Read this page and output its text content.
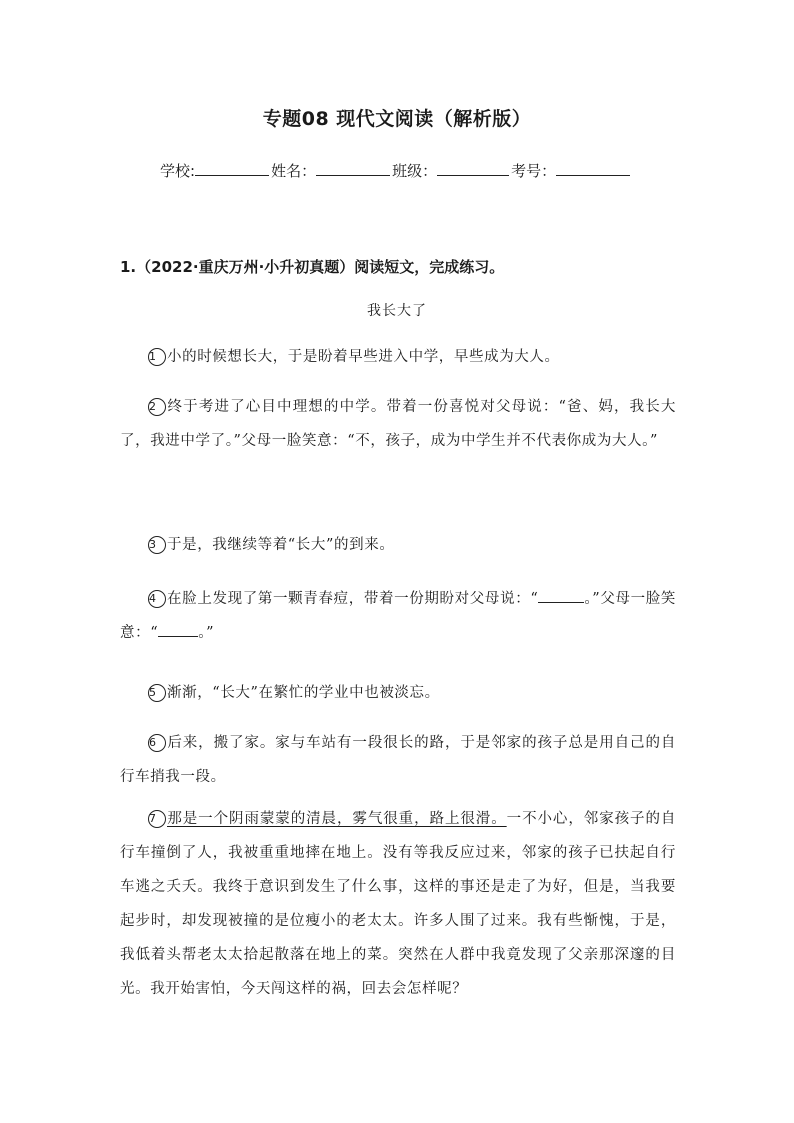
专题08 现代文阅读（解析版）
学校:	姓名：	班级：	考号：
1.（2022·重庆万州·小升初真题）阅读短文，完成练习。
我长大了
1 小的时候想长大，于是盼着早些进入中学，早些成为大人。
2 终于考进了心目中理想的中学。带着一份喜悦对父母说：“爸、妈，我长大了，我进中学了。”父母一脸笑意：“不，孩子，成为中学生并不代表你成为大人。”
3 于是，我继续等着“长大”的到来。
4 在脸上发现了第一颗青春痘，带着一份期盼对父母说：“	。”父母一脸笑意：“	。”
5 渐渐，“长大”在繁忙的学业中也被淡忘。
6 后来，搬了家。家与车站有一段很长的路，于是邻家的孩子总是用自己的自行车捎我一段。
7 那是一个阴雨蒙蒙的清晨，雾气很重，路上很滑。一不小心，邻家孩子的自行车撞倒了人，我被重重地摔在地上。没有等我反应过来，邻家的孩子已扶起自行车逃之夭夭。我终于意识到发生了什么事，这样的事还是走了为好，但是，当我要起步时，却发现被撞的是位瘦小的老太太。许多人围了过来。我有些惭愧，于是，我低着头帮老太太拾起散落在地上的菜。突然在人群中我竟发现了父亲那深邃的目光。我开始害怕，今天闯这样的祸，回去会怎样呢？
